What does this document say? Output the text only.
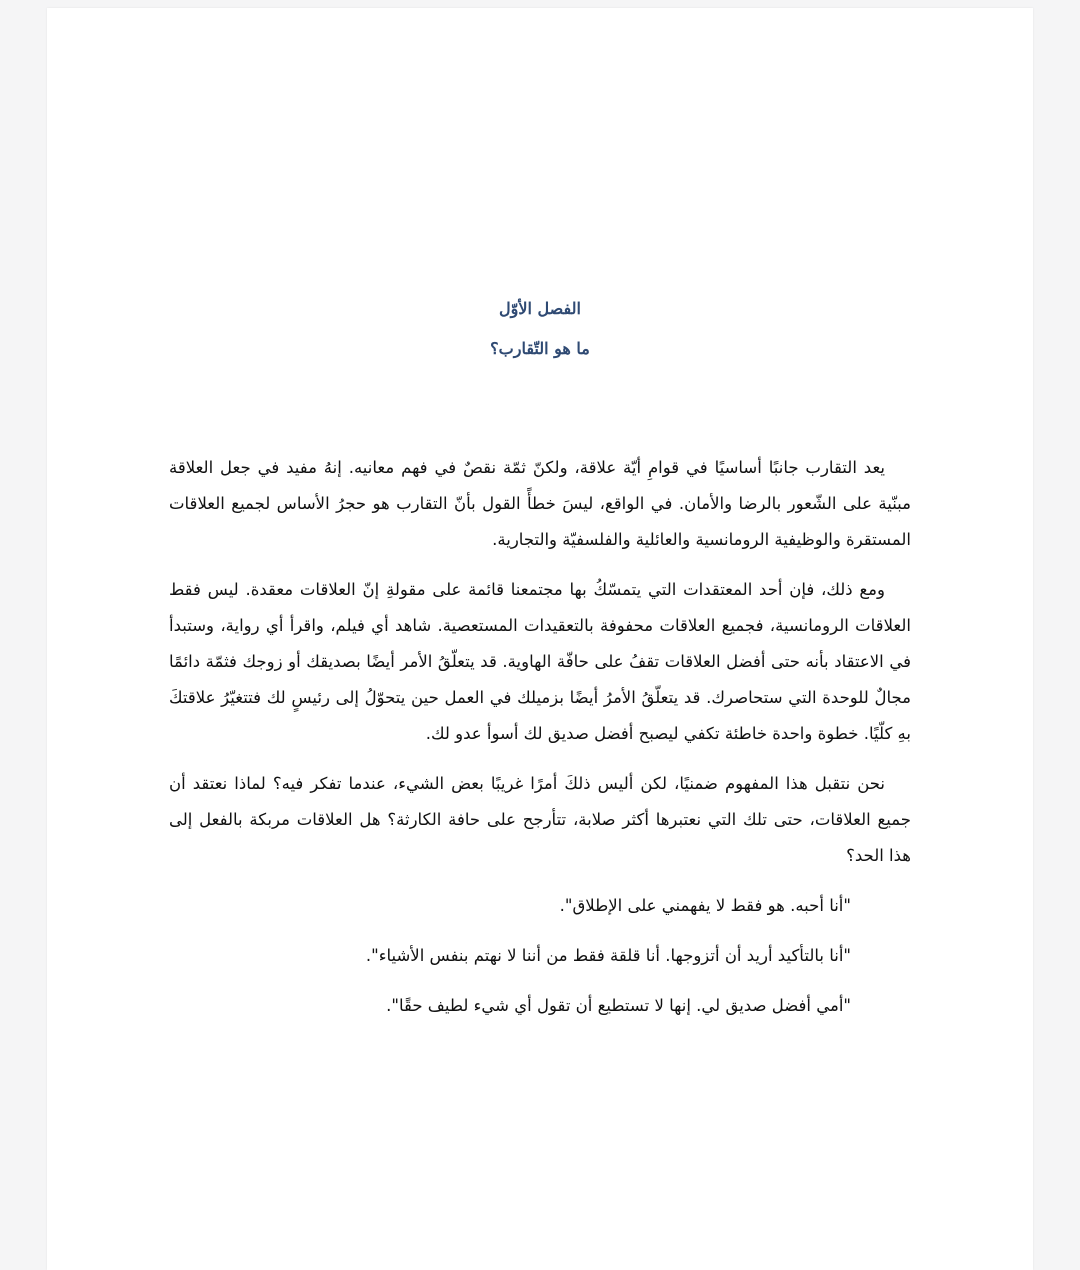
الفصل الأوّل

ما هو التّقارب؟

يعد التقارب جانبًا أساسيًا في قوامِ أيّة علاقة، ولكنّ ثمّة نقصٌ في فهم معانيه. إنهُ مفيد في جعل العلاقة مبنّية على الشّعور بالرضا والأمان. في الواقع، ليسَ خطأً القول بأنّ التقارب هو حجرُ الأساس لجميع العلاقات المستقرة والوظيفية الرومانسية والعائلية والفلسفيّة والتجارية.

ومع ذلك، فإن أحد المعتقدات التي يتمسّكُ بها مجتمعنا قائمة على مقولةِ إنّ العلاقات معقدة. ليس فقط العلاقات الرومانسية، فجميع العلاقات محفوفة بالتعقيدات المستعصية. شاهد أي فيلم، واقرأ أي رواية، وستبدأ في الاعتقاد بأنه حتى أفضل العلاقات تقفُ على حافّة الهاوية. قد يتعلّقُ الأمر أيضًا بصديقك أو زوجك فثمّة دائمًا مجالٌ للوحدة التي ستحاصرك. قد يتعلّقُ الأمرُ أيضًا بزميلك في العمل حين يتحوّلُ إلى رئيسٍ لك فتتغيّرُ علاقتكَ بهِ كلّيًا. خطوة واحدة خاطئة تكفي ليصبح أفضل صديق لك أسوأ عدو لك.

نحن نتقبل هذا المفهوم ضمنيًا، لكن أليس ذلكَ أمرًا غريبًا بعض الشيء، عندما تفكر فيه؟ لماذا نعتقد أن جميع العلاقات، حتى تلك التي نعتبرها أكثر صلابة، تتأرجح على حافة الكارثة؟ هل العلاقات مربكة بالفعل إلى هذا الحد؟

"أنا أحبه. هو فقط لا يفهمني على الإطلاق".

"أنا بالتأكيد أريد أن أتزوجها. أنا قلقة فقط من أننا لا نهتم بنفس الأشياء".

"أمي أفضل صديق لي. إنها لا تستطيع أن تقول أي شيء لطيف حقًا".
